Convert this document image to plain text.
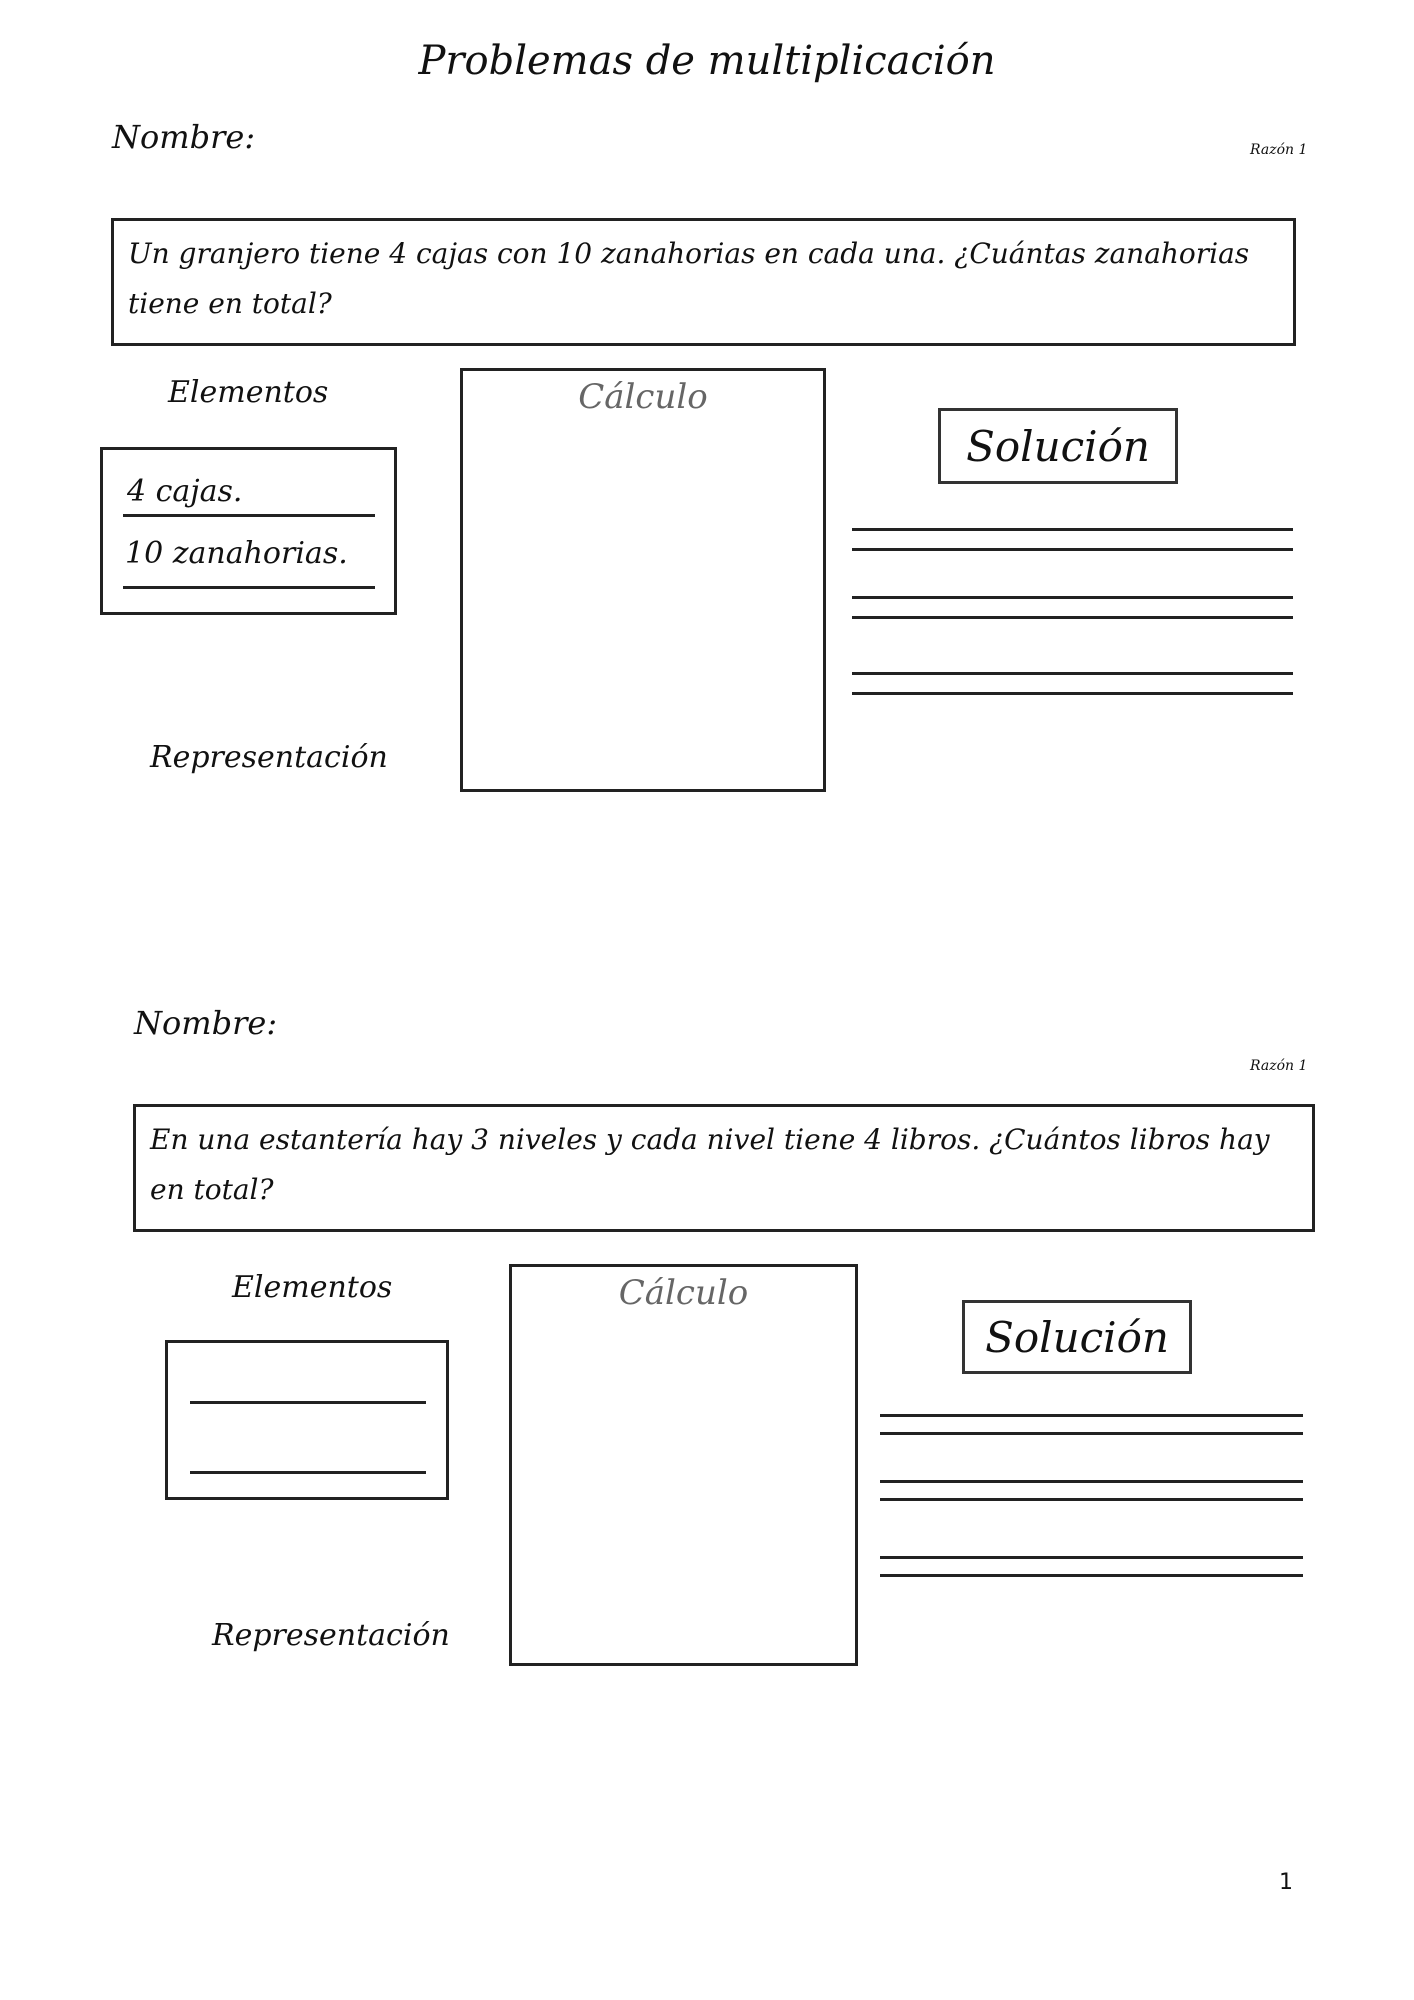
Problemas de multiplicación
Nombre:	Razón 1
Un granjero tiene 4 cajas con 10 zanahorias en cada una. ¿Cuántas zanahorias tiene en total?
Elementos
4 cajas.
10 zanahorias.
Representación
Cálculo
Solución
Nombre:
Razón 1
En una estantería hay 3 niveles y cada nivel tiene 4 libros. ¿Cuántos libros hay en total?
Elementos
Representación
Cálculo
Solución
1
